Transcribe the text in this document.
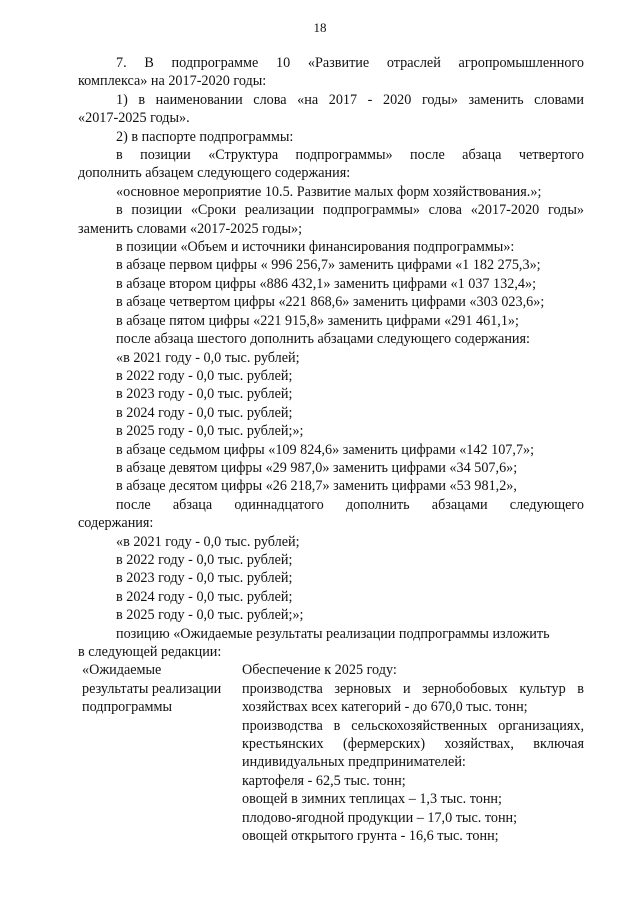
18

7. В подпрограмме 10 «Развитие отраслей агропромышленного

комплекса» на 2017-2020 годы:

1) в наименовании слова «на 2017 - 2020 годы» заменить словами

«2017-2025 годы».

2) в паспорте подпрограммы:

в позиции «Структура подпрограммы» после абзаца четвертого

дополнить абзацем следующего содержания:

«основное мероприятие 10.5. Развитие малых форм хозяйствования.»;

в позиции «Сроки реализации подпрограммы» слова «2017-2020 годы»

заменить словами «2017-2025 годы»;

в позиции «Объем и источники финансирования подпрограммы»:

в абзаце первом цифры « 996 256,7» заменить цифрами «1 182 275,3»;

в абзаце втором цифры «886 432,1» заменить цифрами «1 037 132,4»;

в абзаце четвертом цифры «221 868,6» заменить цифрами «303 023,6»;

в абзаце пятом цифры «221 915,8» заменить цифрами «291 461,1»;

после абзаца шестого дополнить абзацами следующего содержания:

«в 2021 году - 0,0 тыс. рублей;

в 2022 году - 0,0 тыс. рублей;

в 2023 году - 0,0 тыс. рублей;

в 2024 году - 0,0 тыс. рублей;

в 2025 году - 0,0 тыс. рублей;»;

в абзаце седьмом цифры «109 824,6» заменить цифрами «142 107,7»;

в абзаце девятом цифры «29 987,0» заменить цифрами «34 507,6»;

в абзаце десятом цифры «26 218,7» заменить цифрами «53 981,2»,

после абзаца одиннадцатого дополнить абзацами следующего

содержания:

«в 2021 году - 0,0 тыс. рублей;

в 2022 году - 0,0 тыс. рублей;

в 2023 году - 0,0 тыс. рублей;

в 2024 году - 0,0 тыс. рублей;

в 2025 году - 0,0 тыс. рублей;»;

позицию «Ожидаемые результаты реализации подпрограммы изложить

в следующей редакции:

«Ожидаемые
результаты реализации
подпрограммы
Обеспечение к 2025 году:
производства зерновых и зернобобовых культур в хозяйствах всех категорий - до 670,0 тыс. тонн;
производства в сельскохозяйственных организациях, крестьянских (фермерских) хозяйствах, включая индивидуальных предпринимателей:
картофеля - 62,5 тыс. тонн;
овощей в зимних теплицах – 1,3 тыс. тонн;
плодово-ягодной продукции – 17,0 тыс. тонн;
овощей открытого грунта - 16,6 тыс. тонн;
